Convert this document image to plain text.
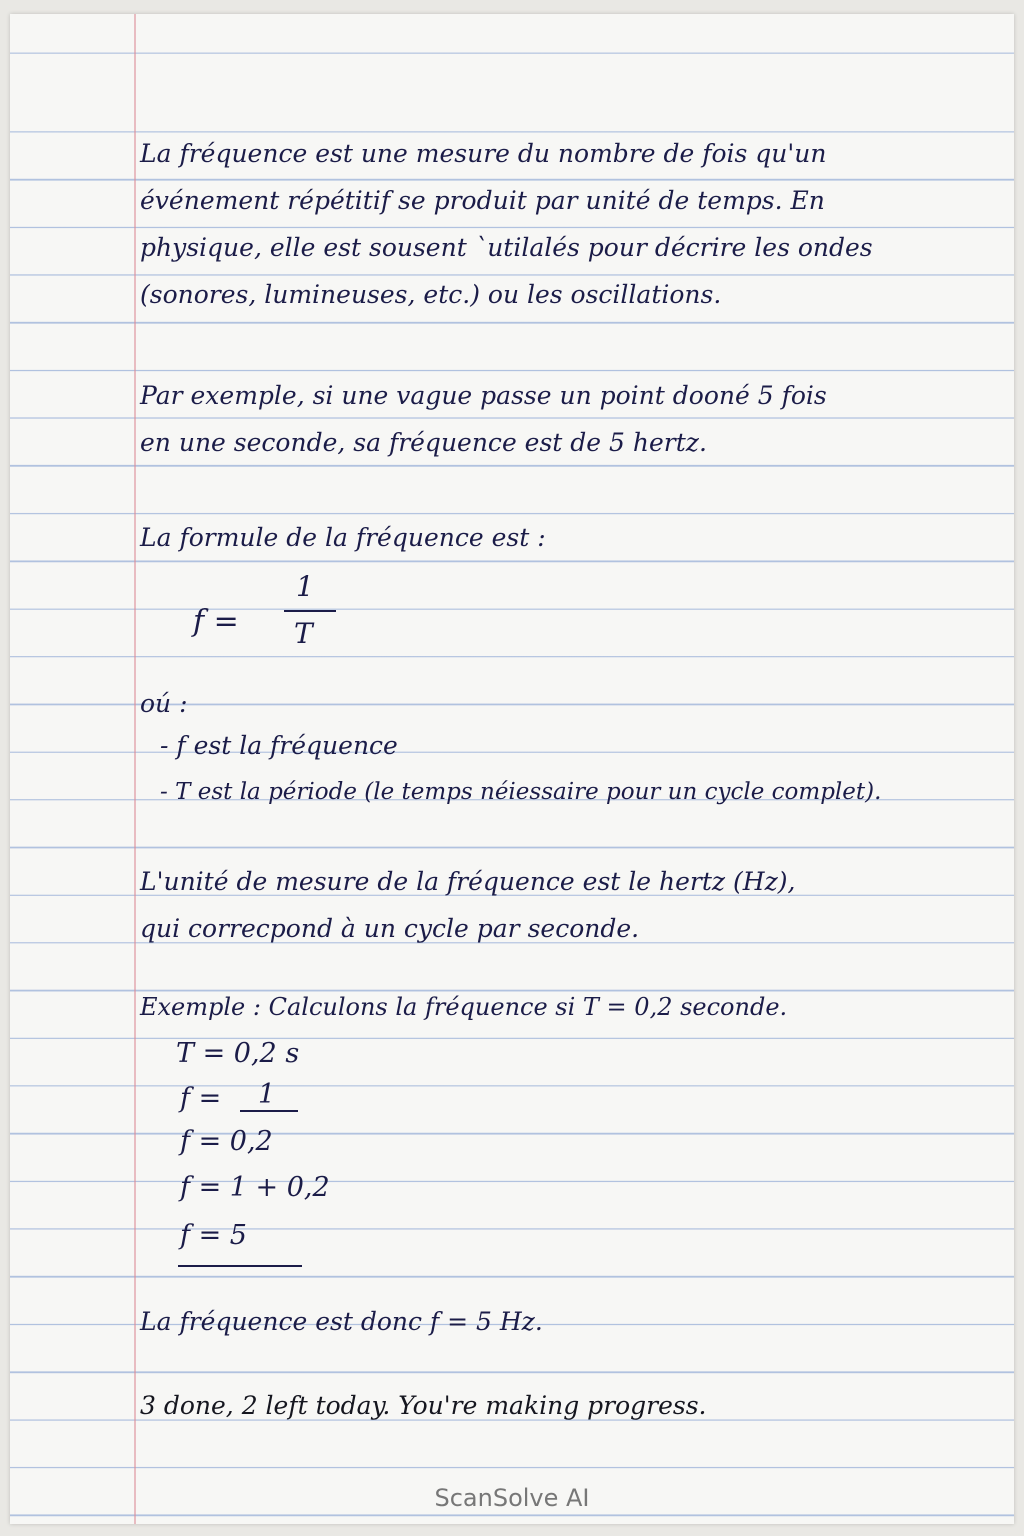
La fréquence est une mesure du nombre de fois qu'un
événement répétitif se produit par unité de temps. En
physique, elle est sousent `utilalés pour décrire les ondes
(sonores, lumineuses, etc.) ou les oscillations.
Par exemple, si une vague passe un point dooné 5 fois
en une seconde, sa fréquence est de 5 hertz.
La formule de la fréquence est :
f =
1
T
oú :
- f est la fréquence
- T est la période (le temps néiessaire pour un cycle complet).
L'unité de mesure de la fréquence est le hertz (Hz),
qui correcpond à un cycle par seconde.
Exemple : Calculons la fréquence si T = 0,2 seconde.
T = 0,2 s
f = 1
f = 0,2
f = 1 + 0,2
f = 5
La fréquence est donc f = 5 Hz.
3 done, 2 left today. You're making progress.
ScanSolve AI
